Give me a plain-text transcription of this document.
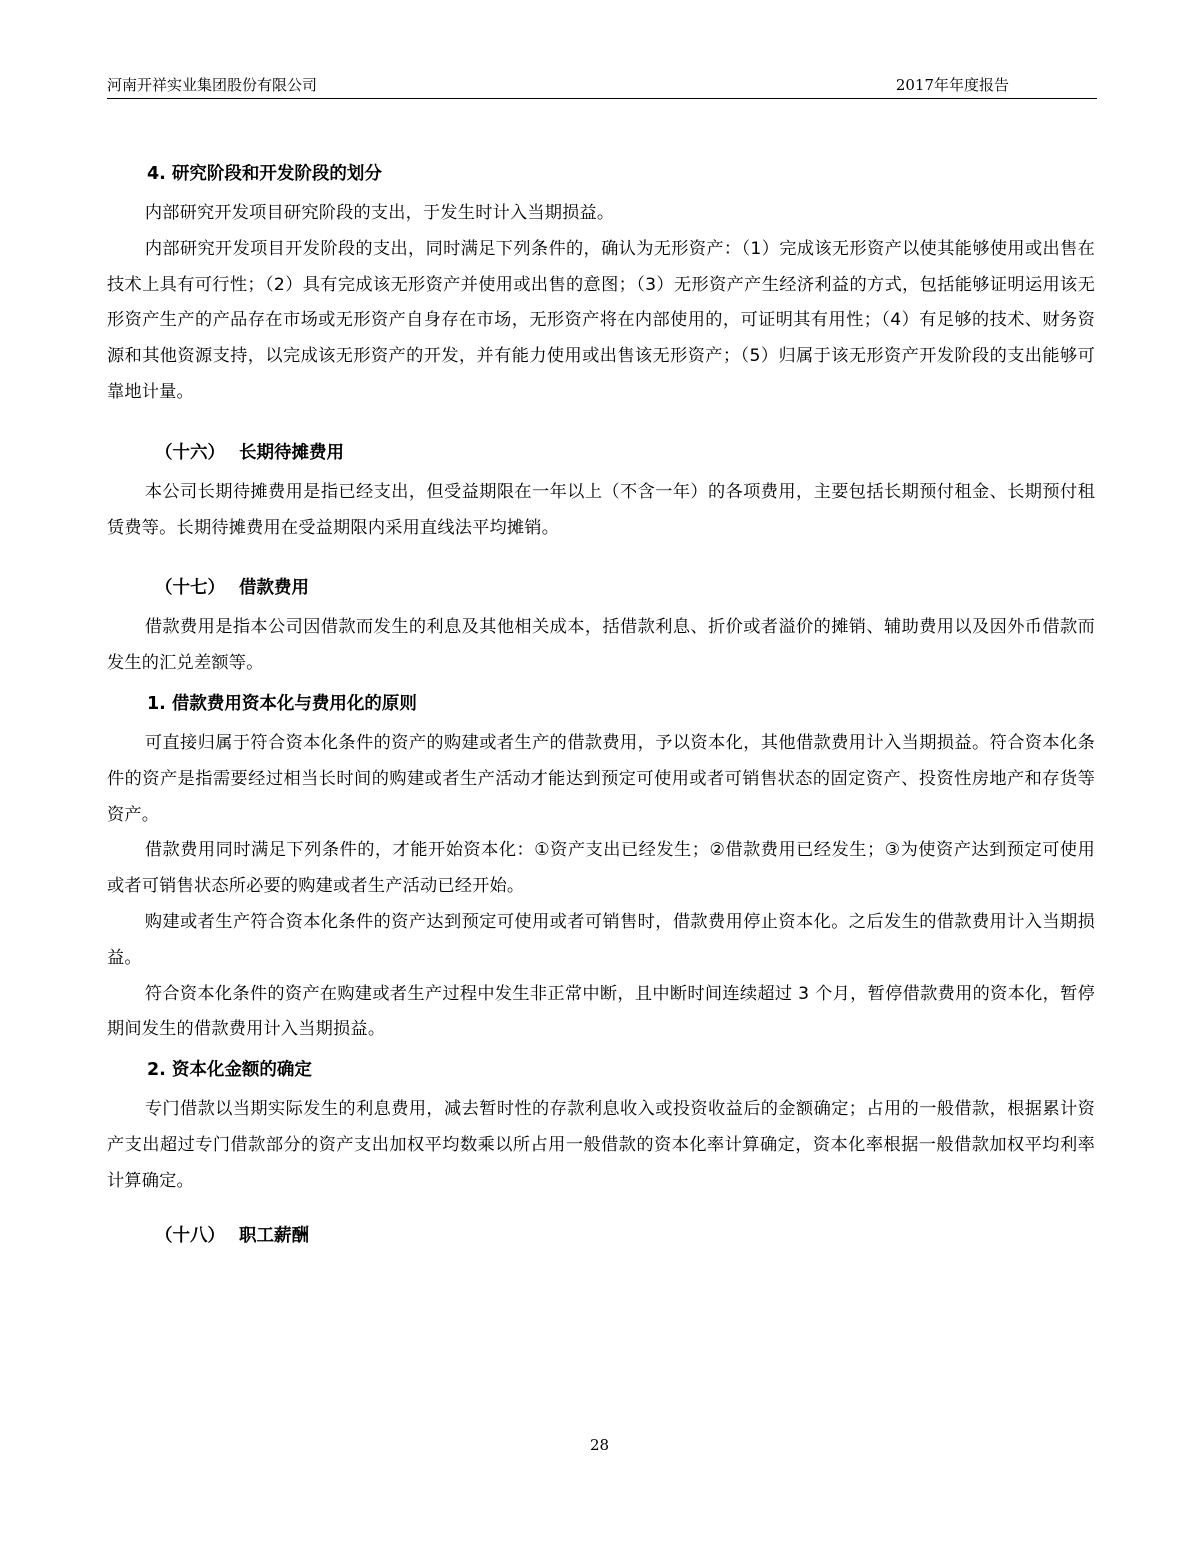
河南开祥实业集团股份有限公司	2017年年度报告
4. 研究阶段和开发阶段的划分

内部研究开发项目研究阶段的支出，于发生时计入当期损益。

内部研究开发项目开发阶段的支出，同时满足下列条件的，确认为无形资产：（1）完成该无形资产以使其能够使用或出售在技术上具有可行性；（2）具有完成该无形资产并使用或出售的意图；（3）无形资产产生经济利益的方式，包括能够证明运用该无形资产生产的产品存在市场或无形资产自身存在市场，无形资产将在内部使用的，可证明其有用性；（4）有足够的技术、财务资源和其他资源支持，以完成该无形资产的开发，并有能力使用或出售该无形资产；（5）归属于该无形资产开发阶段的支出能够可靠地计量。

（十六） 长期待摊费用

本公司长期待摊费用是指已经支出，但受益期限在一年以上（不含一年）的各项费用，主要包括长期预付租金、长期预付租赁费等。长期待摊费用在受益期限内采用直线法平均摊销。

（十七） 借款费用

借款费用是指本公司因借款而发生的利息及其他相关成本，括借款利息、折价或者溢价的摊销、辅助费用以及因外币借款而发生的汇兑差额等。

1. 借款费用资本化与费用化的原则

可直接归属于符合资本化条件的资产的购建或者生产的借款费用，予以资本化，其他借款费用计入当期损益。符合资本化条件的资产是指需要经过相当长时间的购建或者生产活动才能达到预定可使用或者可销售状态的固定资产、投资性房地产和存货等资产。

借款费用同时满足下列条件的，才能开始资本化：①资产支出已经发生；②借款费用已经发生；③为使资产达到预定可使用或者可销售状态所必要的购建或者生产活动已经开始。

购建或者生产符合资本化条件的资产达到预定可使用或者可销售时，借款费用停止资本化。之后发生的借款费用计入当期损益。

符合资本化条件的资产在购建或者生产过程中发生非正常中断，且中断时间连续超过 3 个月，暂停借款费用的资本化，暂停期间发生的借款费用计入当期损益。

2. 资本化金额的确定

专门借款以当期实际发生的利息费用，减去暂时性的存款利息收入或投资收益后的金额确定；占用的一般借款，根据累计资产支出超过专门借款部分的资产支出加权平均数乘以所占用一般借款的资本化率计算确定，资本化率根据一般借款加权平均利率计算确定。

（十八） 职工薪酬
28
